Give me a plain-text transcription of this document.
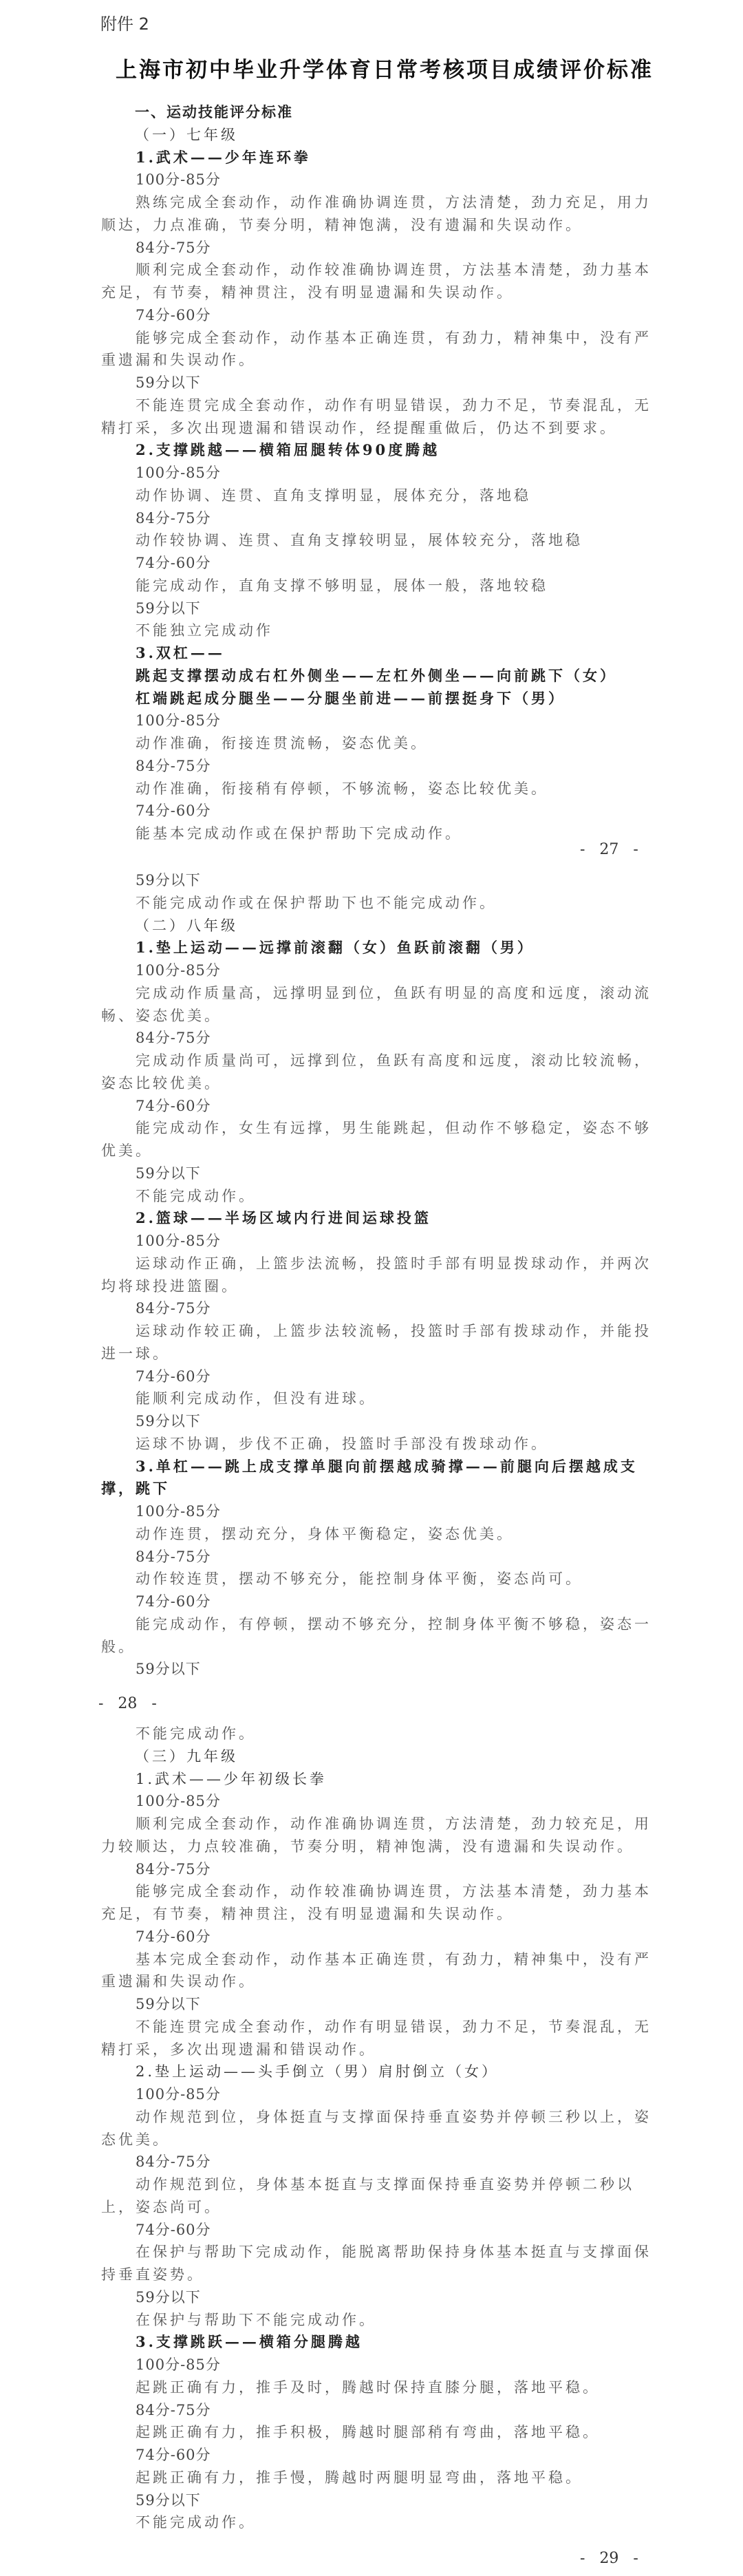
附件 2
上海市初中毕业升学体育日常考核项目成绩评价标准
一、运动技能评分标准
（一）七年级
1.武术——少年连环拳
100分-85分
熟练完成全套动作，动作准确协调连贯，方法清楚，劲力充足，用力
顺达，力点准确，节奏分明，精神饱满，没有遗漏和失误动作。
84分-75分
顺利完成全套动作，动作较准确协调连贯，方法基本清楚，劲力基本
充足，有节奏，精神贯注，没有明显遗漏和失误动作。
74分-60分
能够完成全套动作，动作基本正确连贯，有劲力，精神集中，没有严
重遗漏和失误动作。
59分以下
不能连贯完成全套动作，动作有明显错误，劲力不足，节奏混乱，无
精打采，多次出现遗漏和错误动作，经提醒重做后，仍达不到要求。
2.支撑跳越——横箱屈腿转体90度腾越
100分-85分
动作协调、连贯、直角支撑明显，展体充分，落地稳
84分-75分
动作较协调、连贯、直角支撑较明显，展体较充分，落地稳
74分-60分
能完成动作，直角支撑不够明显，展体一般，落地较稳
59分以下
不能独立完成动作
3.双杠——
跳起支撑摆动成右杠外侧坐——左杠外侧坐——向前跳下（女）
杠端跳起成分腿坐——分腿坐前进——前摆挺身下（男）
100分-85分
动作准确，衔接连贯流畅，姿态优美。
84分-75分
动作准确，衔接稍有停顿，不够流畅，姿态比较优美。
74分-60分
能基本完成动作或在保护帮助下完成动作。
- 27 -
59分以下
不能完成动作或在保护帮助下也不能完成动作。
（二）八年级
1.垫上运动——远撑前滚翻（女）鱼跃前滚翻（男）
100分-85分
完成动作质量高，远撑明显到位，鱼跃有明显的高度和远度，滚动流
畅、姿态优美。
84分-75分
完成动作质量尚可，远撑到位，鱼跃有高度和远度，滚动比较流畅，
姿态比较优美。
74分-60分
能完成动作，女生有远撑，男生能跳起，但动作不够稳定，姿态不够
优美。
59分以下
不能完成动作。
2.篮球——半场区域内行进间运球投篮
100分-85分
运球动作正确，上篮步法流畅，投篮时手部有明显拨球动作，并两次
均将球投进篮圈。
84分-75分
运球动作较正确，上篮步法较流畅，投篮时手部有拨球动作，并能投
进一球。
74分-60分
能顺利完成动作，但没有进球。
59分以下
运球不协调，步伐不正确，投篮时手部没有拨球动作。
3.单杠——跳上成支撑单腿向前摆越成骑撑——前腿向后摆越成支
撑，跳下
100分-85分
动作连贯，摆动充分，身体平衡稳定，姿态优美。
84分-75分
动作较连贯，摆动不够充分，能控制身体平衡，姿态尚可。
74分-60分
能完成动作，有停顿，摆动不够充分，控制身体平衡不够稳，姿态一
般。
59分以下
- 28 -
不能完成动作。
（三）九年级
1.武术——少年初级长拳
100分-85分
顺利完成全套动作，动作准确协调连贯，方法清楚，劲力较充足，用
力较顺达，力点较准确，节奏分明，精神饱满，没有遗漏和失误动作。
84分-75分
能够完成全套动作，动作较准确协调连贯，方法基本清楚，劲力基本
充足，有节奏，精神贯注，没有明显遗漏和失误动作。
74分-60分
基本完成全套动作，动作基本正确连贯，有劲力，精神集中，没有严
重遗漏和失误动作。
59分以下
不能连贯完成全套动作，动作有明显错误，劲力不足，节奏混乱，无
精打采，多次出现遗漏和错误动作。
2.垫上运动——头手倒立（男）肩肘倒立（女）
100分-85分
动作规范到位，身体挺直与支撑面保持垂直姿势并停顿三秒以上，姿
态优美。
84分-75分
动作规范到位，身体基本挺直与支撑面保持垂直姿势并停顿二秒以
上，姿态尚可。
74分-60分
在保护与帮助下完成动作，能脱离帮助保持身体基本挺直与支撑面保
持垂直姿势。
59分以下
在保护与帮助下不能完成动作。
3.支撑跳跃——横箱分腿腾越
100分-85分
起跳正确有力，推手及时，腾越时保持直膝分腿，落地平稳。
84分-75分
起跳正确有力，推手积极，腾越时腿部稍有弯曲，落地平稳。
74分-60分
起跳正确有力，推手慢，腾越时两腿明显弯曲，落地平稳。
59分以下
不能完成动作。
- 29 -
